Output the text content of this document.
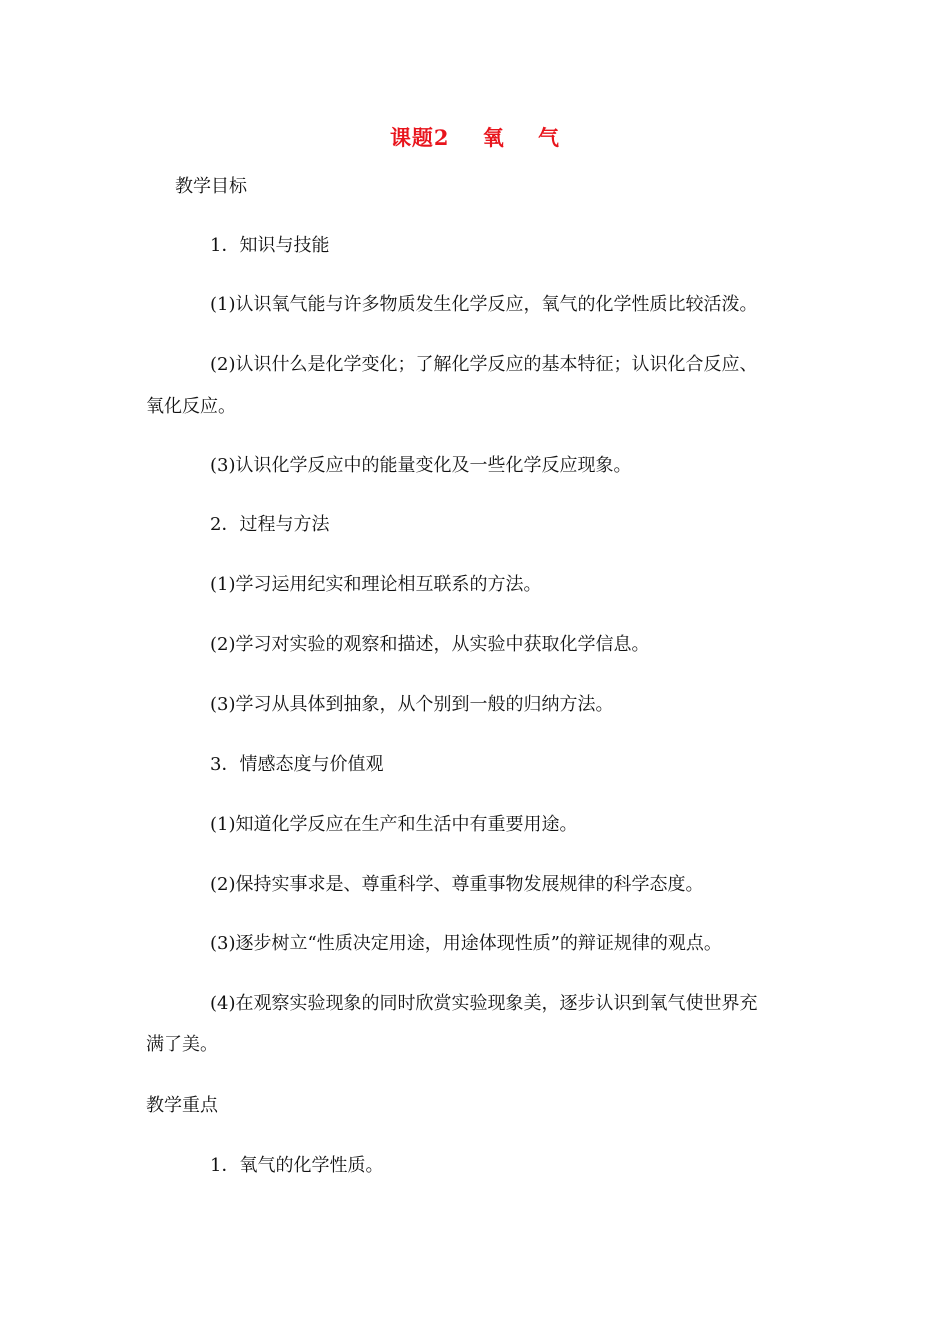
课题2    氧    气
教学目标
1．知识与技能
(1)认识氧气能与许多物质发生化学反应，氧气的化学性质比较活泼。
(2)认识什么是化学变化；了解化学反应的基本特征；认识化合反应、
氧化反应。
(3)认识化学反应中的能量变化及一些化学反应现象。
2．过程与方法
(1)学习运用纪实和理论相互联系的方法。
(2)学习对实验的观察和描述，从实验中获取化学信息。
(3)学习从具体到抽象，从个别到一般的归纳方法。
3．情感态度与价值观
(1)知道化学反应在生产和生活中有重要用途。
(2)保持实事求是、尊重科学、尊重事物发展规律的科学态度。
(3)逐步树立“性质决定用途，用途体现性质”的辩证规律的观点。
(4)在观察实验现象的同时欣赏实验现象美，逐步认识到氧气使世界充
满了美。
教学重点
1．氧气的化学性质。
